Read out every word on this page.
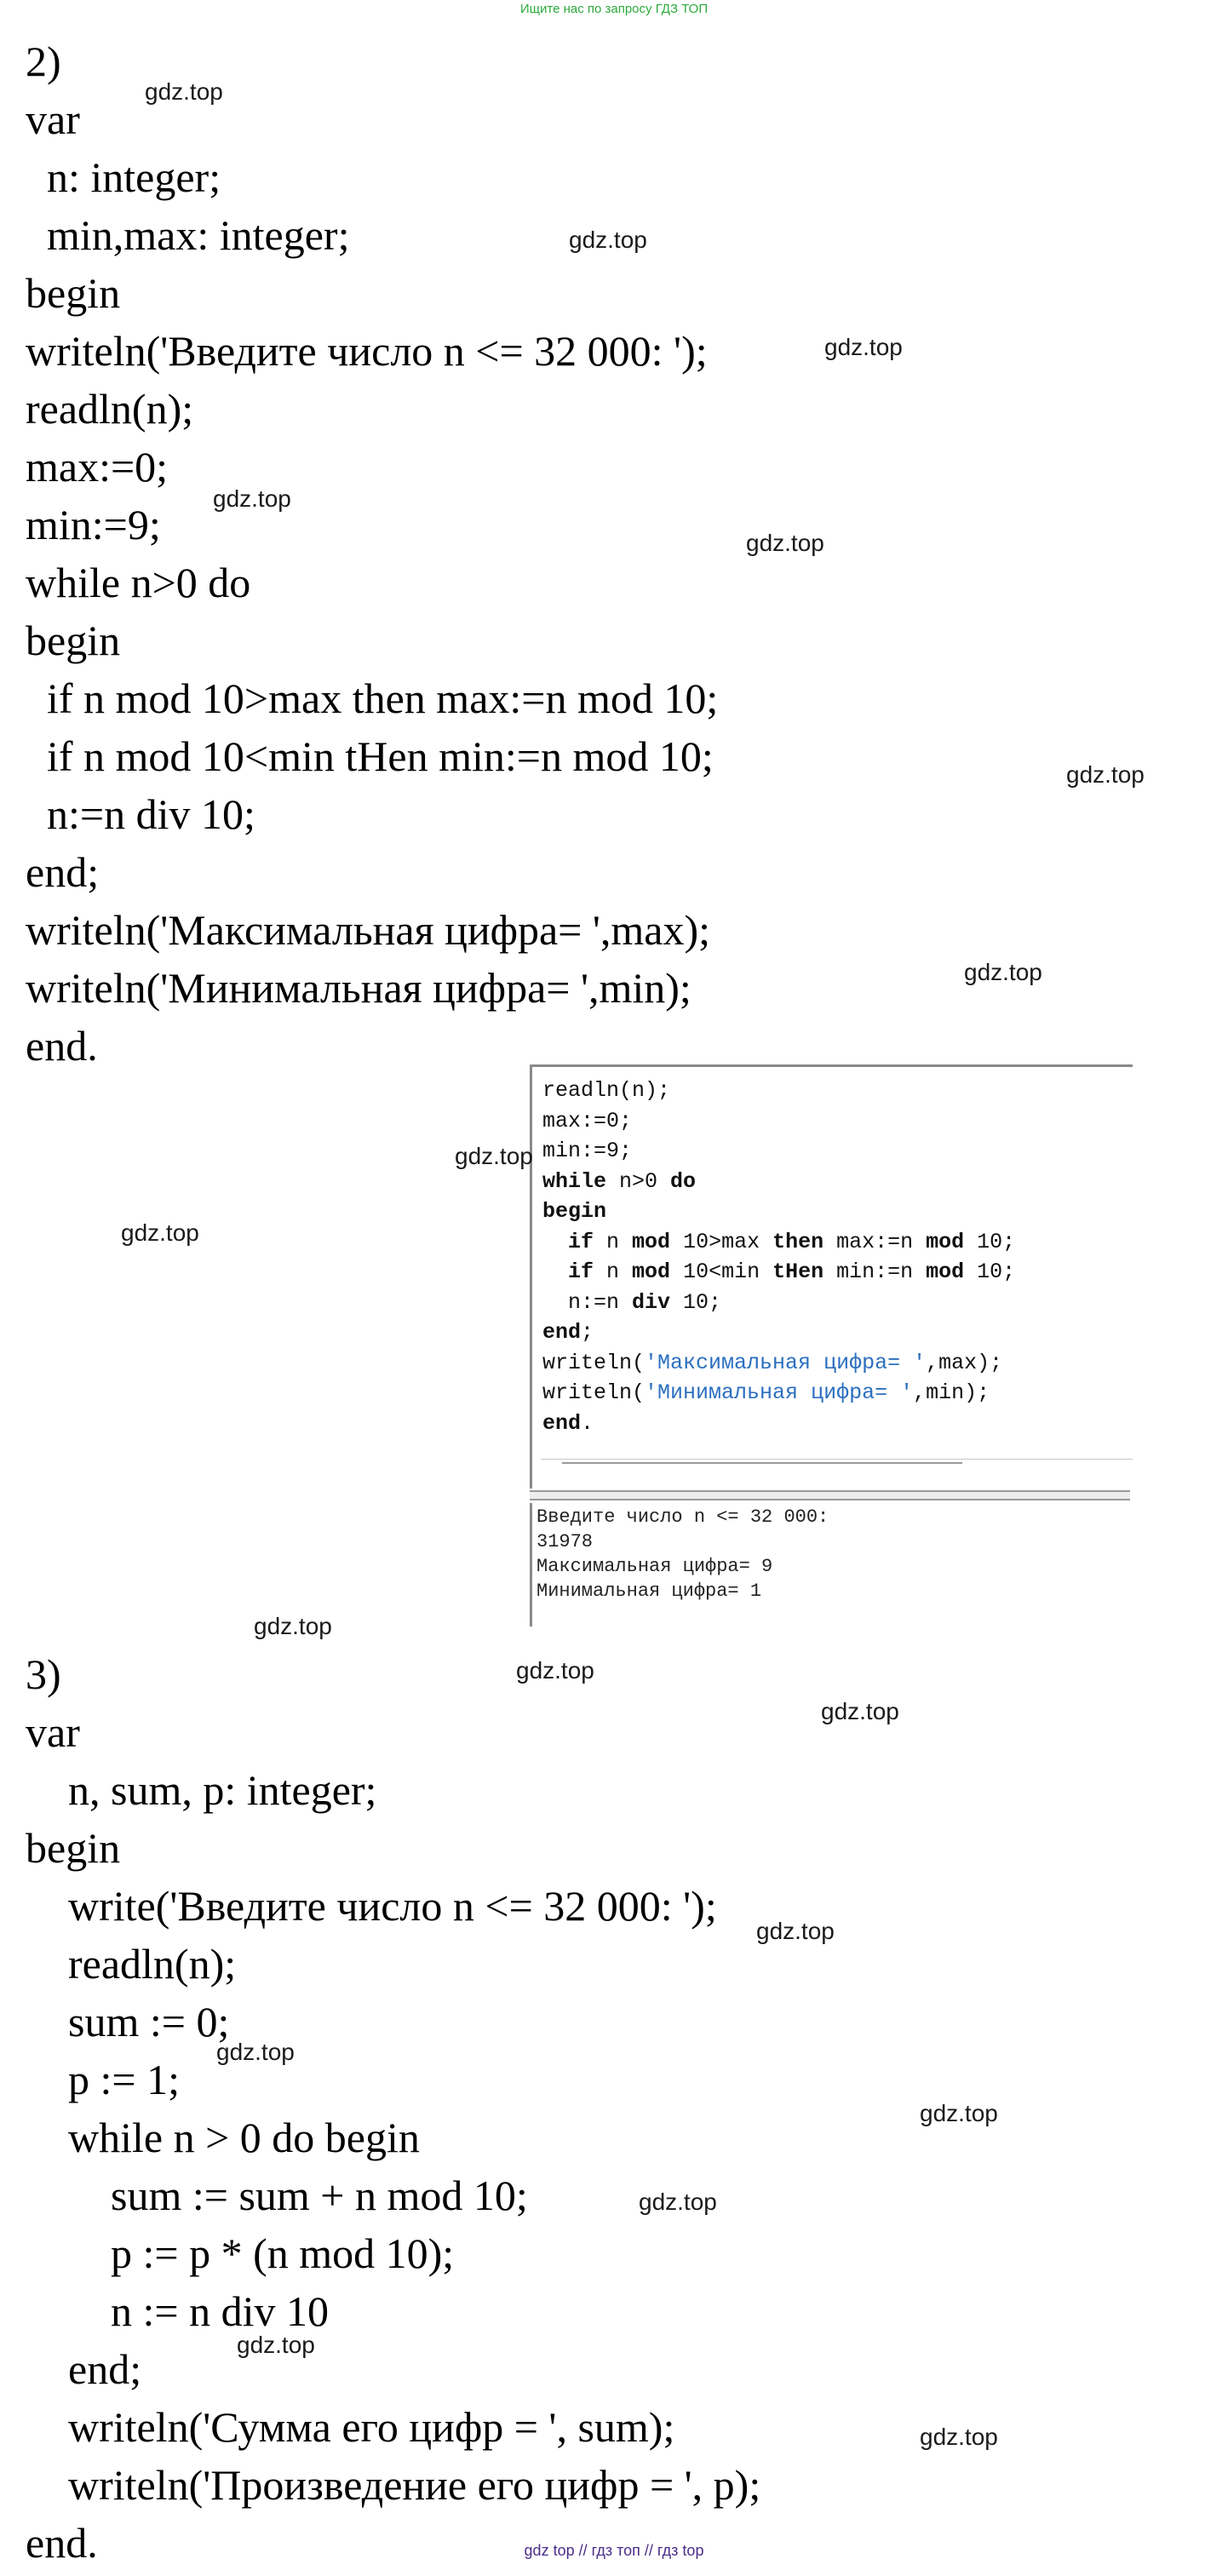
Ищите нас по запросу ГДЗ ТОП
2)
var
n: integer;
min,max: integer;
begin
writeln('Введите число n <= 32 000: ');
readln(n);
max:=0;
min:=9;
while n>0 do
begin
if n mod 10>max then max:=n mod 10;
if n mod 10<min tHen min:=n mod 10;
n:=n div 10;
end;
writeln('Максимальная цифра= ',max);
writeln('Минимальная цифра= ',min);
end.
readln(n);
max:=0;
min:=9;
while n>0 do
begin
if n mod 10>max then max:=n mod 10;
if n mod 10<min tHen min:=n mod 10;
n:=n div 10;
end;
writeln('Максимальная цифра= ',max);
writeln('Минимальная цифра= ',min);
end.
Введите число n <= 32 000:
31978
Максимальная цифра= 9
Минимальная цифра= 1
3)
var
n, sum, p: integer;
begin
write('Введите число n <= 32 000: ');
readln(n);
sum := 0;
p := 1;
while n > 0 do begin
sum := sum + n mod 10;
p := p * (n mod 10);
n := n div 10
end;
writeln('Сумма его цифр = ', sum);
writeln('Произведение его цифр = ', p);
end.
gdz.top
gdz.top
gdz.top
gdz.top
gdz.top
gdz.top
gdz.top
gdz.top
gdz.top
gdz.top
gdz.top
gdz.top
gdz.top
gdz.top
gdz.top
gdz.top
gdz.top
gdz.top
gdz top // гдз топ // гдз top
